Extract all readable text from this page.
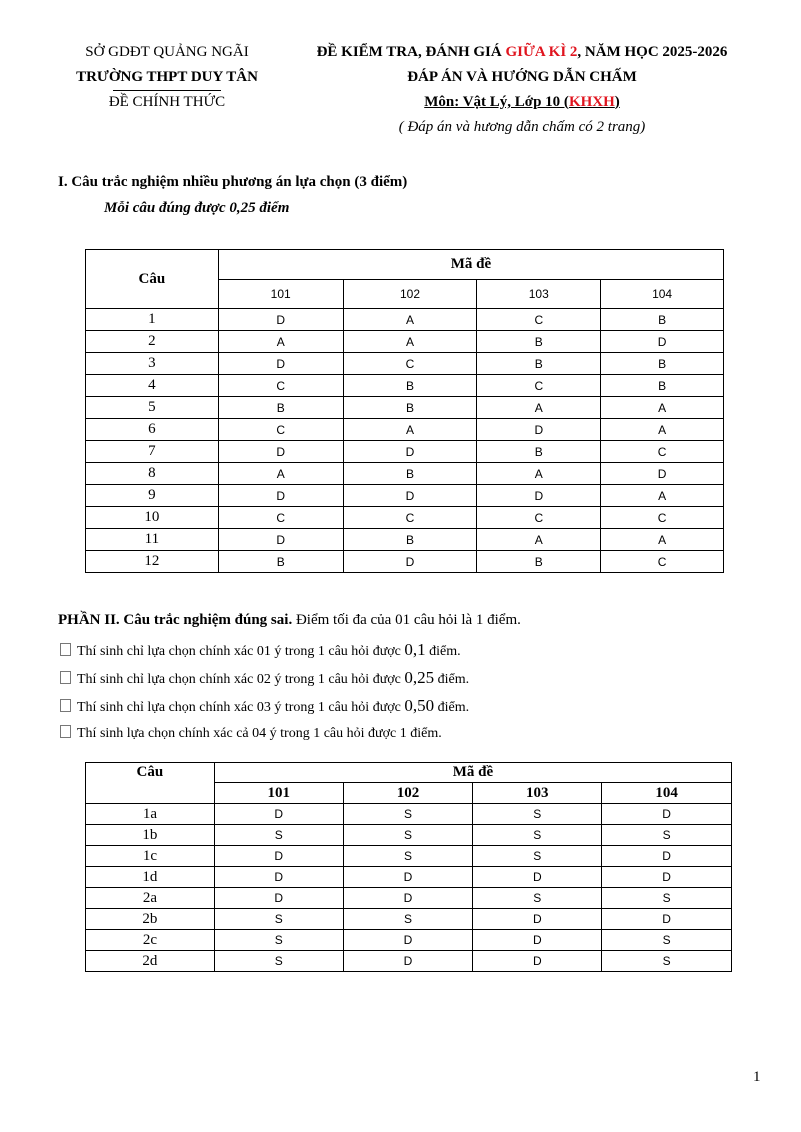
SỞ GDĐT QUẢNG NGÃI
TRƯỜNG THPT DUY TÂN
ĐỀ CHÍNH THỨC
ĐỀ KIỂM TRA, ĐÁNH GIÁ GIỮA KÌ 2, NĂM HỌC 2025-2026
ĐÁP ÁN VÀ HƯỚNG DẪN CHẤM
Môn: Vật Lý, Lớp 10 (KHXH)
( Đáp án và hương dẫn chấm có 2 trang)
I. Câu trắc nghiệm nhiều phương án lựa chọn (3 điểm)
Mỗi câu đúng được 0,25 điểm
Câu	Mã đề			
	101	102	103	104
1	D	A	C	B
2	A	A	B	D
3	D	C	B	B
4	C	B	C	B
5	B	B	A	A
6	C	A	D	A
7	D	D	B	C
8	A	B	A	D
9	D	D	D	A
10	C	C	C	C
11	D	B	A	A
12	B	D	B	C
PHẦN II. Câu trắc nghiệm đúng sai. Điểm tối đa của 01 câu hỏi là 1 điểm.
Thí sinh chỉ lựa chọn chính xác 01 ý trong 1 câu hỏi được 0,1 điểm.
Thí sinh chỉ lựa chọn chính xác 02 ý trong 1 câu hỏi được 0,25 điểm.
Thí sinh chỉ lựa chọn chính xác 03 ý trong 1 câu hỏi được 0,50 điểm.
Thí sinh lựa chọn chính xác cả 04 ý trong 1 câu hỏi được 1 điểm.
Câu	Mã đề			
	101	102	103	104
1a	D	S	S	D
1b	S	S	S	S
1c	D	S	S	D
1d	D	D	D	D
2a	D	D	S	S
2b	S	S	D	D
2c	S	D	D	S
2d	S	D	D	S
1
